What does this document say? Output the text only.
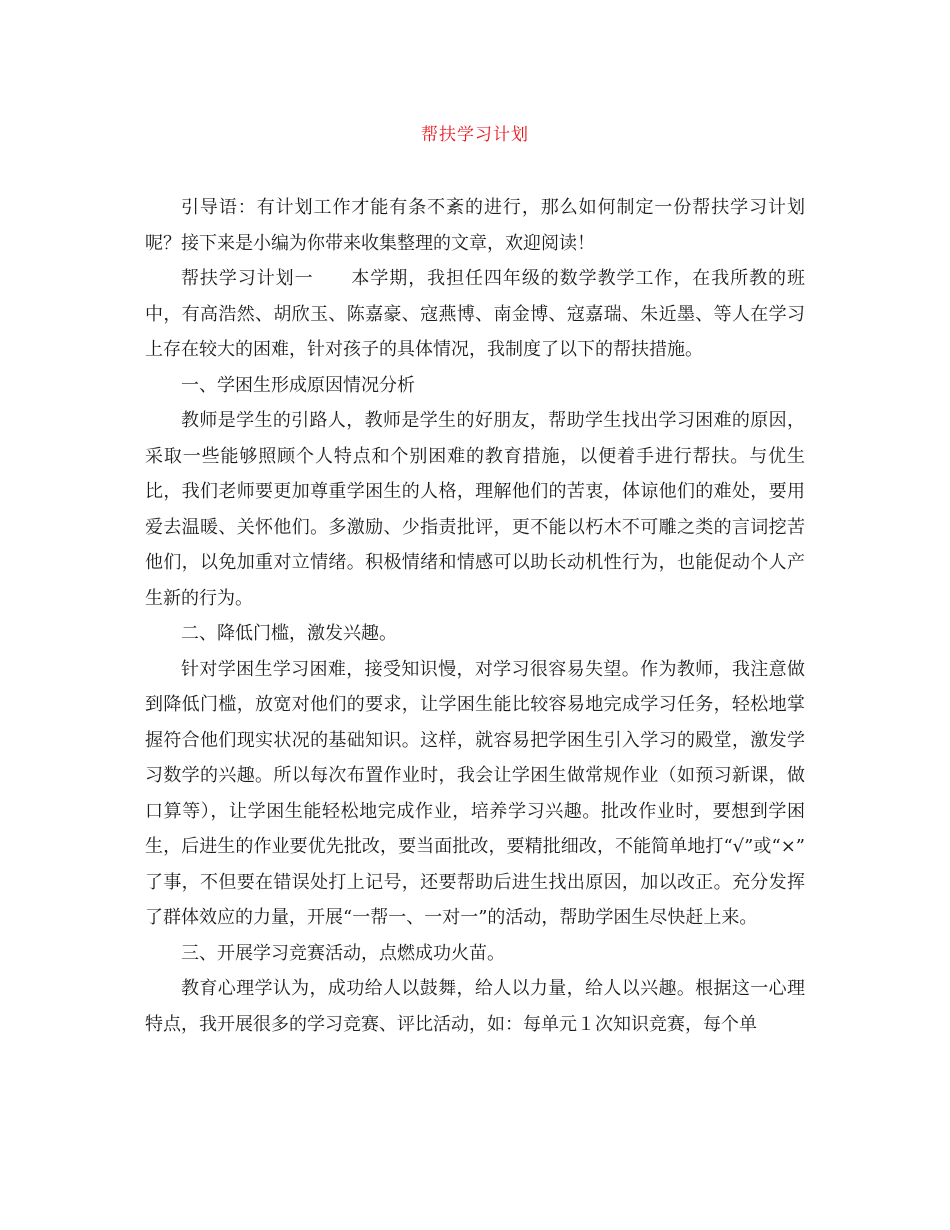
帮扶学习计划

引导语：有计划工作才能有条不紊的进行，那么如何制定一份帮扶学习计划呢？接下来是小编为你带来收集整理的文章，欢迎阅读！

帮扶学习计划一　　本学期，我担任四年级的数学教学工作，在我所教的班中，有高浩然、胡欣玉、陈嘉豪、寇燕博、南金博、寇嘉瑞、朱近墨、等人在学习上存在较大的困难，针对孩子的具体情况，我制度了以下的帮扶措施。

一、学困生形成原因情况分析

教师是学生的引路人，教师是学生的好朋友，帮助学生找出学习困难的原因，采取一些能够照顾个人特点和个别困难的教育措施，以便着手进行帮扶。与优生比，我们老师要更加尊重学困生的人格，理解他们的苦衷，体谅他们的难处，要用爱去温暖、关怀他们。多激励、少指责批评，更不能以朽木不可雕之类的言词挖苦他们，以免加重对立情绪。积极情绪和情感可以助长动机性行为，也能促动个人产生新的行为。

二、降低门槛，激发兴趣。

针对学困生学习困难，接受知识慢，对学习很容易失望。作为教师，我注意做到降低门槛，放宽对他们的要求，让学困生能比较容易地完成学习任务，轻松地掌握符合他们现实状况的基础知识。这样，就容易把学困生引入学习的殿堂，激发学习数学的兴趣。所以每次布置作业时，我会让学困生做常规作业（如预习新课，做口算等），让学困生能轻松地完成作业，培养学习兴趣。批改作业时，要想到学困生，后进生的作业要优先批改，要当面批改，要精批细改，不能简单地打“√”或“×” 了事，不但要在错误处打上记号，还要帮助后进生找出原因，加以改正。充分发挥了群体效应的力量，开展“一帮一、一对一”的活动，帮助学困生尽快赶上来。

三、开展学习竞赛活动，点燃成功火苗。

教育心理学认为，成功给人以鼓舞，给人以力量，给人以兴趣。根据这一心理特点，我开展很多的学习竞赛、评比活动，如：每单元１次知识竞赛，每个单
